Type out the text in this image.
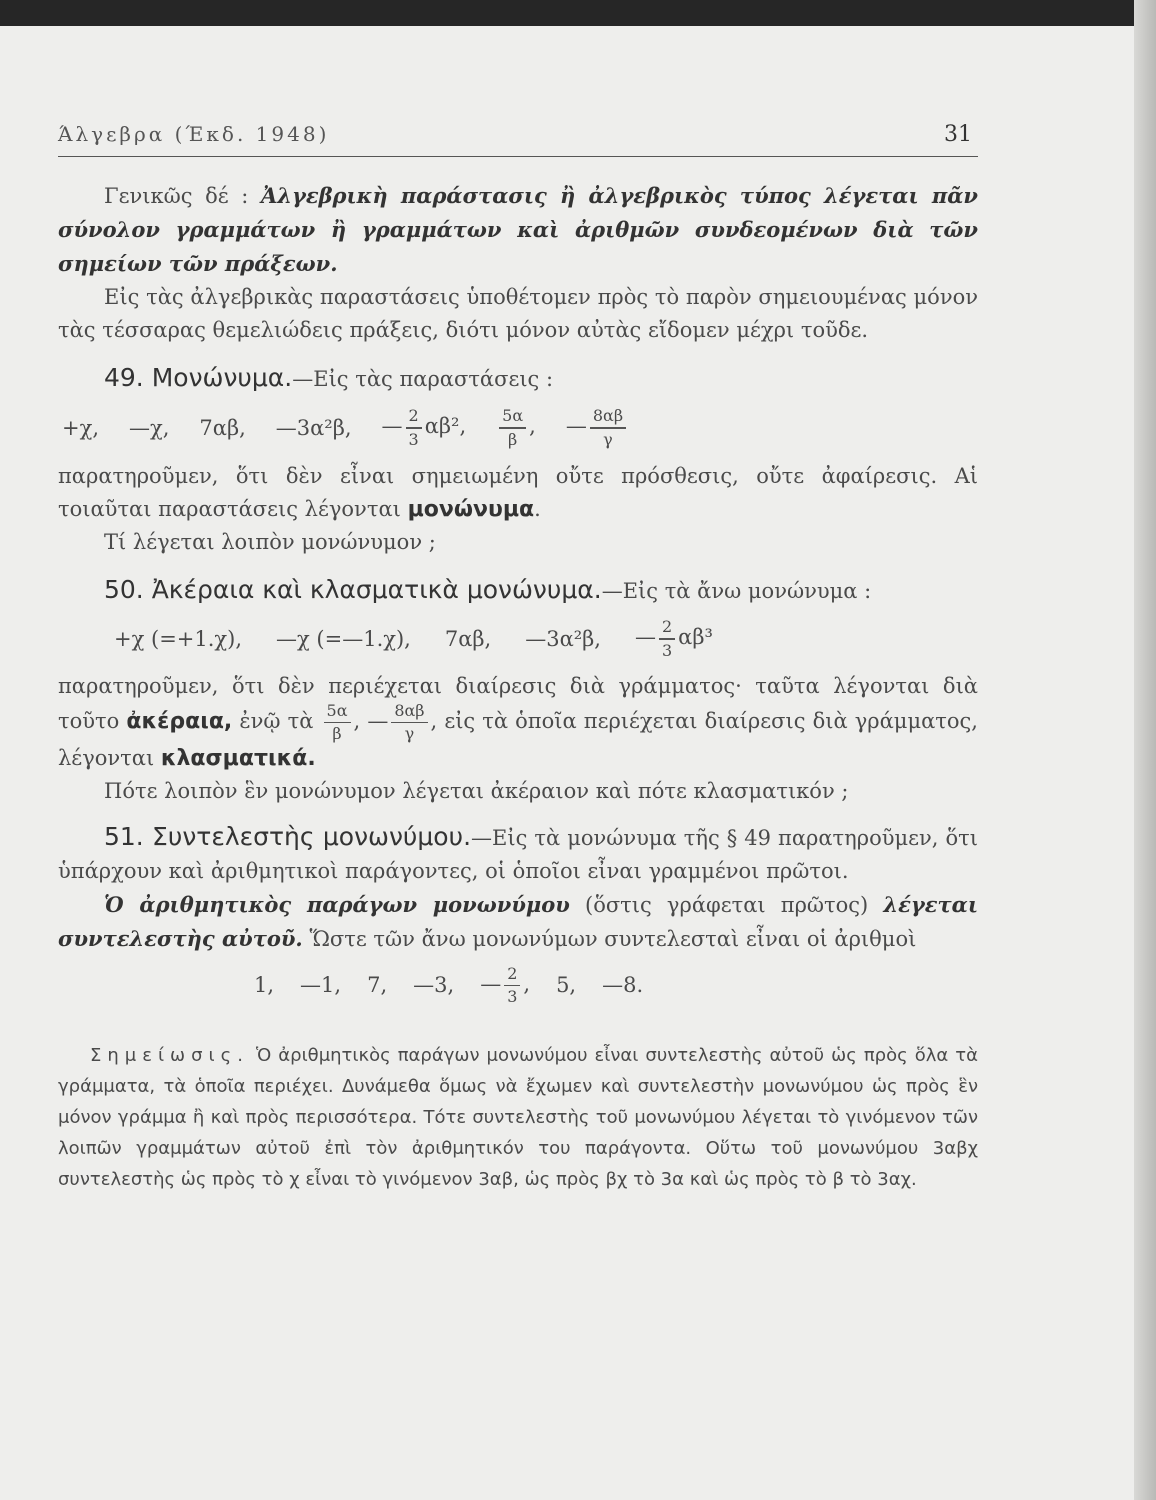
Άλγεβρα (Έκδ. 1948)	31

Γενικῶς δέ : Ἀλγεβρικὴ παράστασις ἢ ἀλγεβρικὸς τύπος λέγεται πᾶν σύνολον γραμμάτων ἢ γραμμάτων καὶ ἀριθμῶν συνδεομένων διὰ τῶν σημείων τῶν πράξεων.

Εἰς τὰς ἀλγεβρικὰς παραστάσεις ὑποθέτομεν πρὸς τὸ παρὸν σημειουμένας μόνον τὰς τέσσαρας θεμελιώδεις πράξεις, διότι μόνον αὐτὰς εἴδομεν μέχρι τοῦδε.

49. Μονώνυμα.—Εἰς τὰς παραστάσεις :

+χ, —χ, 7αβ, —3α²β, — $\frac{2}{3} \alpha\beta^2$, $\frac{5\alpha}{\beta}$ , — $\frac{8\alpha\beta}{\gamma}$

παρατηροῦμεν, ὅτι δὲν εἶναι σημειωμένη οὔτε πρόσθεσις, οὔτε ἀφαίρεσις. Αἱ τοιαῦται παραστάσεις λέγονται μονώνυμα.

Τί λέγεται λοιπὸν μονώνυμον ;

50. Ἀκέραια καὶ κλασματικὰ μονώνυμα.—Εἰς τὰ ἄνω μονώνυμα :

+χ (=+1.χ), —χ (=—1.χ), 7αβ, —3α²β, — $\frac{2}{3} \alpha\beta^3$

παρατηροῦμεν, ὅτι δὲν περιέχεται διαίρεσις διὰ γράμματος· ταῦτα λέγονται διὰ τοῦτο ἀκέραια, ἐνῷ τὰ $\frac{5\alpha}{\beta}$ , — $\frac{8\alpha\beta}{\gamma}$ , εἰς τὰ ὁποῖα περιέχεται διαίρεσις διὰ γράμματος, λέγονται κλασματικά.

Πότε λοιπὸν ἓν μονώνυμον λέγεται ἀκέραιον καὶ πότε κλασματικόν ;

51. Συντελεστὴς μονωνύμου.—Εἰς τὰ μονώνυμα τῆς § 49 παρατηροῦμεν, ὅτι ὑπάρχουν καὶ ἀριθμητικοὶ παράγοντες, οἱ ὁποῖοι εἶναι γραμμένοι πρῶτοι.

Ὁ ἀριθμητικὸς παράγων μονωνύμου (ὅστις γράφεται πρῶτος) λέγεται συντελεστὴς αὐτοῦ. Ὥστε τῶν ἄνω μονωνύμων συντελεσταὶ εἶναι οἱ ἀριθμοὶ

1, —1, 7, —3, — $\frac{2}{3}$ , 5, —8.

Σημείωσις. Ὁ ἀριθμητικὸς παράγων μονωνύμου εἶναι συντελεστὴς αὐτοῦ ὡς πρὸς ὅλα τὰ γράμματα, τὰ ὁποῖα περιέχει. Δυνάμεθα ὅμως νὰ ἔχωμεν καὶ συντελεστὴν μονωνύμου ὡς πρὸς ἓν μόνον γράμμα ἢ καὶ πρὸς περισσότερα. Τότε συντελεστὴς τοῦ μονωνύμου λέγεται τὸ γινόμενον τῶν λοιπῶν γραμμάτων αὐτοῦ ἐπὶ τὸν ἀριθμητικόν του παράγοντα. Οὕτω τοῦ μονωνύμου 3αβχ συντελεστὴς ὡς πρὸς τὸ χ εἶναι τὸ γινόμενον 3αβ, ὡς πρὸς βχ τὸ 3α καὶ ὡς πρὸς τὸ β τὸ 3αχ.
